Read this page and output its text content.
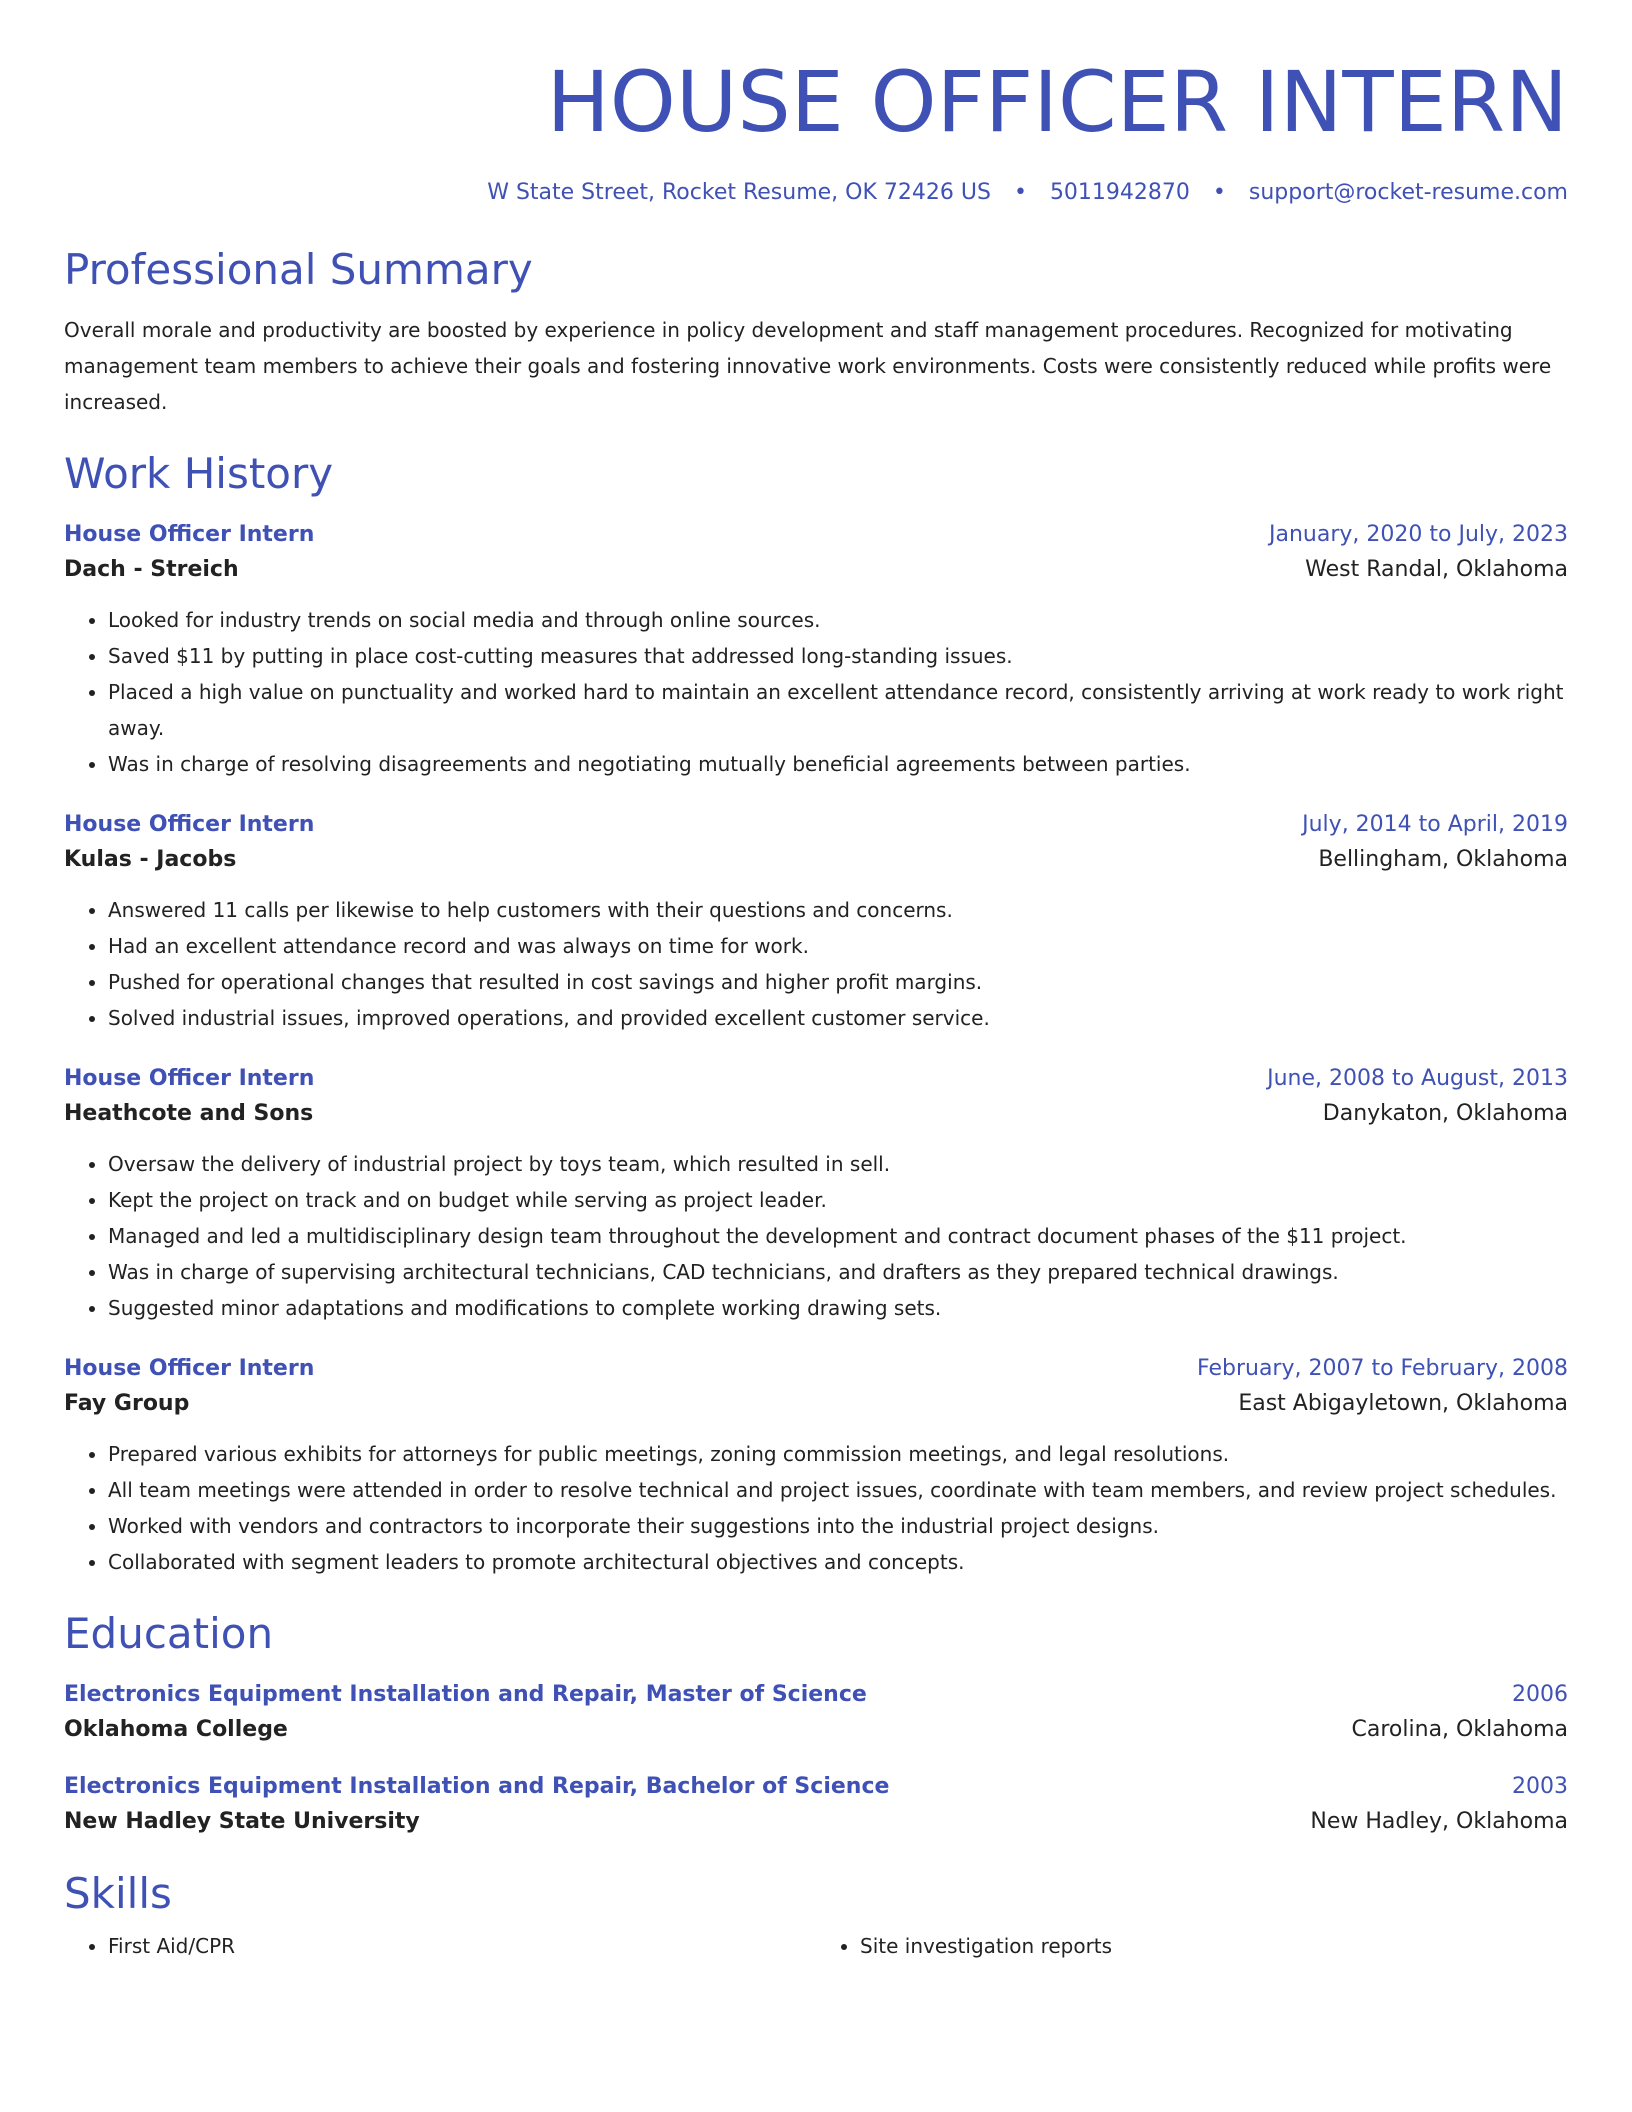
HOUSE OFFICER INTERN
W State Street, Rocket Resume, OK 72426 US • 5011942870 • support@rocket-resume.com
Professional Summary
Overall morale and productivity are boosted by experience in policy development and staff management procedures. Recognized for motivating management team members to achieve their goals and fostering innovative work environments. Costs were consistently reduced while profits were increased.
Work History
House Officer Intern	January, 2020 to July, 2023
Dach - Streich	West Randal, Oklahoma
• Looked for industry trends on social media and through online sources.
• Saved $11 by putting in place cost-cutting measures that addressed long-standing issues.
• Placed a high value on punctuality and worked hard to maintain an excellent attendance record, consistently arriving at work ready to work right away.
• Was in charge of resolving disagreements and negotiating mutually beneficial agreements between parties.
House Officer Intern	July, 2014 to April, 2019
Kulas - Jacobs	Bellingham, Oklahoma
• Answered 11 calls per likewise to help customers with their questions and concerns.
• Had an excellent attendance record and was always on time for work.
• Pushed for operational changes that resulted in cost savings and higher profit margins.
• Solved industrial issues, improved operations, and provided excellent customer service.
House Officer Intern	June, 2008 to August, 2013
Heathcote and Sons	Danykaton, Oklahoma
• Oversaw the delivery of industrial project by toys team, which resulted in sell.
• Kept the project on track and on budget while serving as project leader.
• Managed and led a multidisciplinary design team throughout the development and contract document phases of the $11 project.
• Was in charge of supervising architectural technicians, CAD technicians, and drafters as they prepared technical drawings.
• Suggested minor adaptations and modifications to complete working drawing sets.
House Officer Intern	February, 2007 to February, 2008
Fay Group	East Abigayletown, Oklahoma
• Prepared various exhibits for attorneys for public meetings, zoning commission meetings, and legal resolutions.
• All team meetings were attended in order to resolve technical and project issues, coordinate with team members, and review project schedules.
• Worked with vendors and contractors to incorporate their suggestions into the industrial project designs.
• Collaborated with segment leaders to promote architectural objectives and concepts.
Education
Electronics Equipment Installation and Repair, Master of Science	2006
Oklahoma College	Carolina, Oklahoma
Electronics Equipment Installation and Repair, Bachelor of Science	2003
New Hadley State University	New Hadley, Oklahoma
Skills
• First Aid/CPR
•	Site investigation reports
